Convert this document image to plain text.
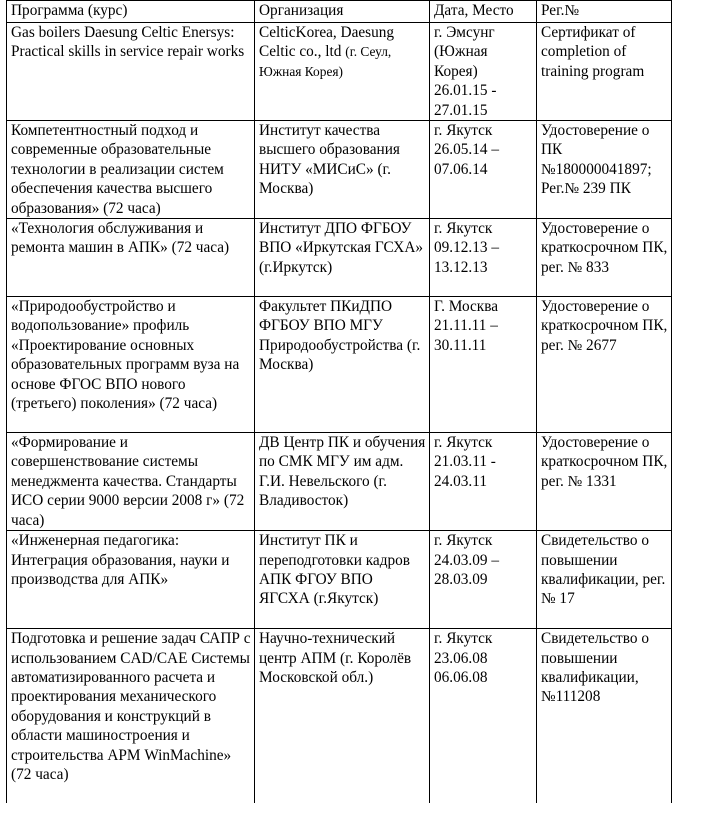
Программа (курс)	Организация	Дата, Место	Рег.№
Gas boilers Daesung Celtic Enersys: Practical skills in service repair works	CelticKorea, Daesung Celtic co., ltd (г. Сеул, Южная Корея)	г. Эмсунг (Южная Корея) 26.01.15 - 27.01.15	Сертификат of completion of training program
Компетентностный подход и современные образовательные технологии в реализации систем обеспечения качества высшего образования» (72 часа)	Институт качества высшего образования НИТУ «МИСиС» (г. Москва)	г. Якутск 26.05.14 – 07.06.14	Удостоверение о ПК №180000041897; Рег.№ 239 ПК
«Технология обслуживания и ремонта машин в АПК» (72 часа)	Институт ДПО ФГБОУ ВПО «Иркутская ГСХА» (г.Иркутск)	г. Якутск 09.12.13 – 13.12.13	Удостоверение о краткосрочном ПК, рег. № 833
«Природообустройство и водопользование» профиль «Проектирование основных образовательных программ вуза на основе ФГОС ВПО нового (третьего) поколения» (72 часа)	Факультет ПКиДПО ФГБОУ ВПО МГУ Природообустройства (г. Москва)	Г. Москва 21.11.11 – 30.11.11	Удостоверение о краткосрочном ПК, рег. № 2677
«Формирование и совершенствование системы менеджмента качества. Стандарты ИСО серии 9000 версии 2008 г» (72 часа)	ДВ Центр ПК и обучения по СМК МГУ им адм. Г.И. Невельского (г. Владивосток)	г. Якутск 21.03.11 - 24.03.11	Удостоверение о краткосрочном ПК, рег. № 1331
«Инженерная педагогика: Интеграция образования, науки и производства для АПК»	Институт ПК и переподготовки кадров АПК ФГОУ ВПО ЯГСХА (г.Якутск)	г. Якутск 24.03.09 – 28.03.09	Свидетельство о повышении квалификации, рег. № 17
Подготовка и решение задач САПР с использованием CAD/CAE Системы автоматизированного расчета и проектирования механического оборудования и конструкций в области машиностроения и строительства АРМ WinMachine» (72 часа)	Научно-технический центр АПМ (г. Королёв Московской обл.)	г. Якутск 23.06.08 06.06.08	Свидетельство о повышении квалификации, №111208
